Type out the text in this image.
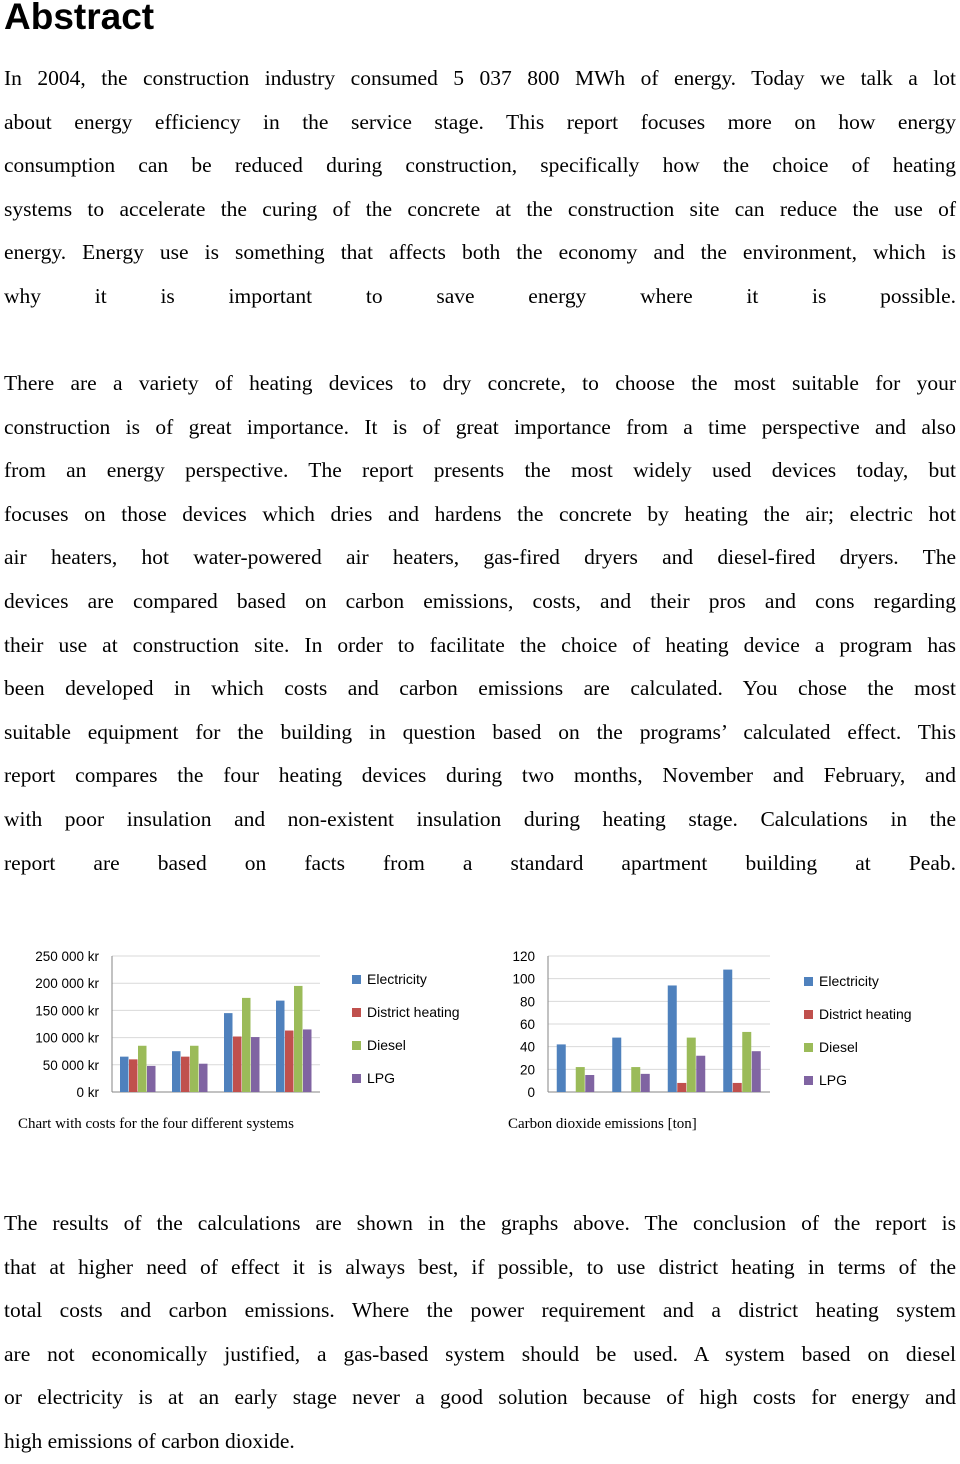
Abstract
In 2004, the construction industry consumed 5 037 800 MWh of energy. Today we talk a lot
about energy efficiency in the service stage. This report focuses more on how energy
consumption can be reduced during construction, specifically how the choice of heating
systems to accelerate the curing of the concrete at the construction site can reduce the use of
energy. Energy use is something that affects both the economy and the environment, which is
why it is important to save energy where it is possible.
There are a variety of heating devices to dry concrete, to choose the most suitable for your
construction is of great importance. It is of great importance from a time perspective and also
from an energy perspective. The report presents the most widely used devices today, but
focuses on those devices which dries and hardens the concrete by heating the air; electric hot
air heaters, hot water-powered air heaters, gas-fired dryers and diesel-fired dryers. The
devices are compared based on carbon emissions, costs, and their pros and cons regarding
their use at construction site. In order to facilitate the choice of heating device a program has
been developed in which costs and carbon emissions are calculated. You chose the most
suitable equipment for the building in question based on the programs’ calculated effect. This
report compares the four heating devices during two months, November and February, and
with poor insulation and non-existent insulation during heating stage. Calculations in the
report are based on facts from a standard apartment building at Peab.
250 000 kr
200 000 kr
150 000 kr
100 000 kr
50 000 kr
0 kr
Electricity
District heating
Diesel
LPG
Chart with costs for the four different systems
120
100
80
60
40
20
0
Electricity
District heating
Diesel
LPG
Carbon dioxide emissions [ton]
The results of the calculations are shown in the graphs above. The conclusion of the report is
that at higher need of effect it is always best, if possible, to use district heating in terms of the
total costs and carbon emissions. Where the power requirement and a district heating system
are not economically justified, a gas-based system should be used. A system based on diesel
or electricity is at an early stage never a good solution because of high costs for energy and
high emissions of carbon dioxide.
